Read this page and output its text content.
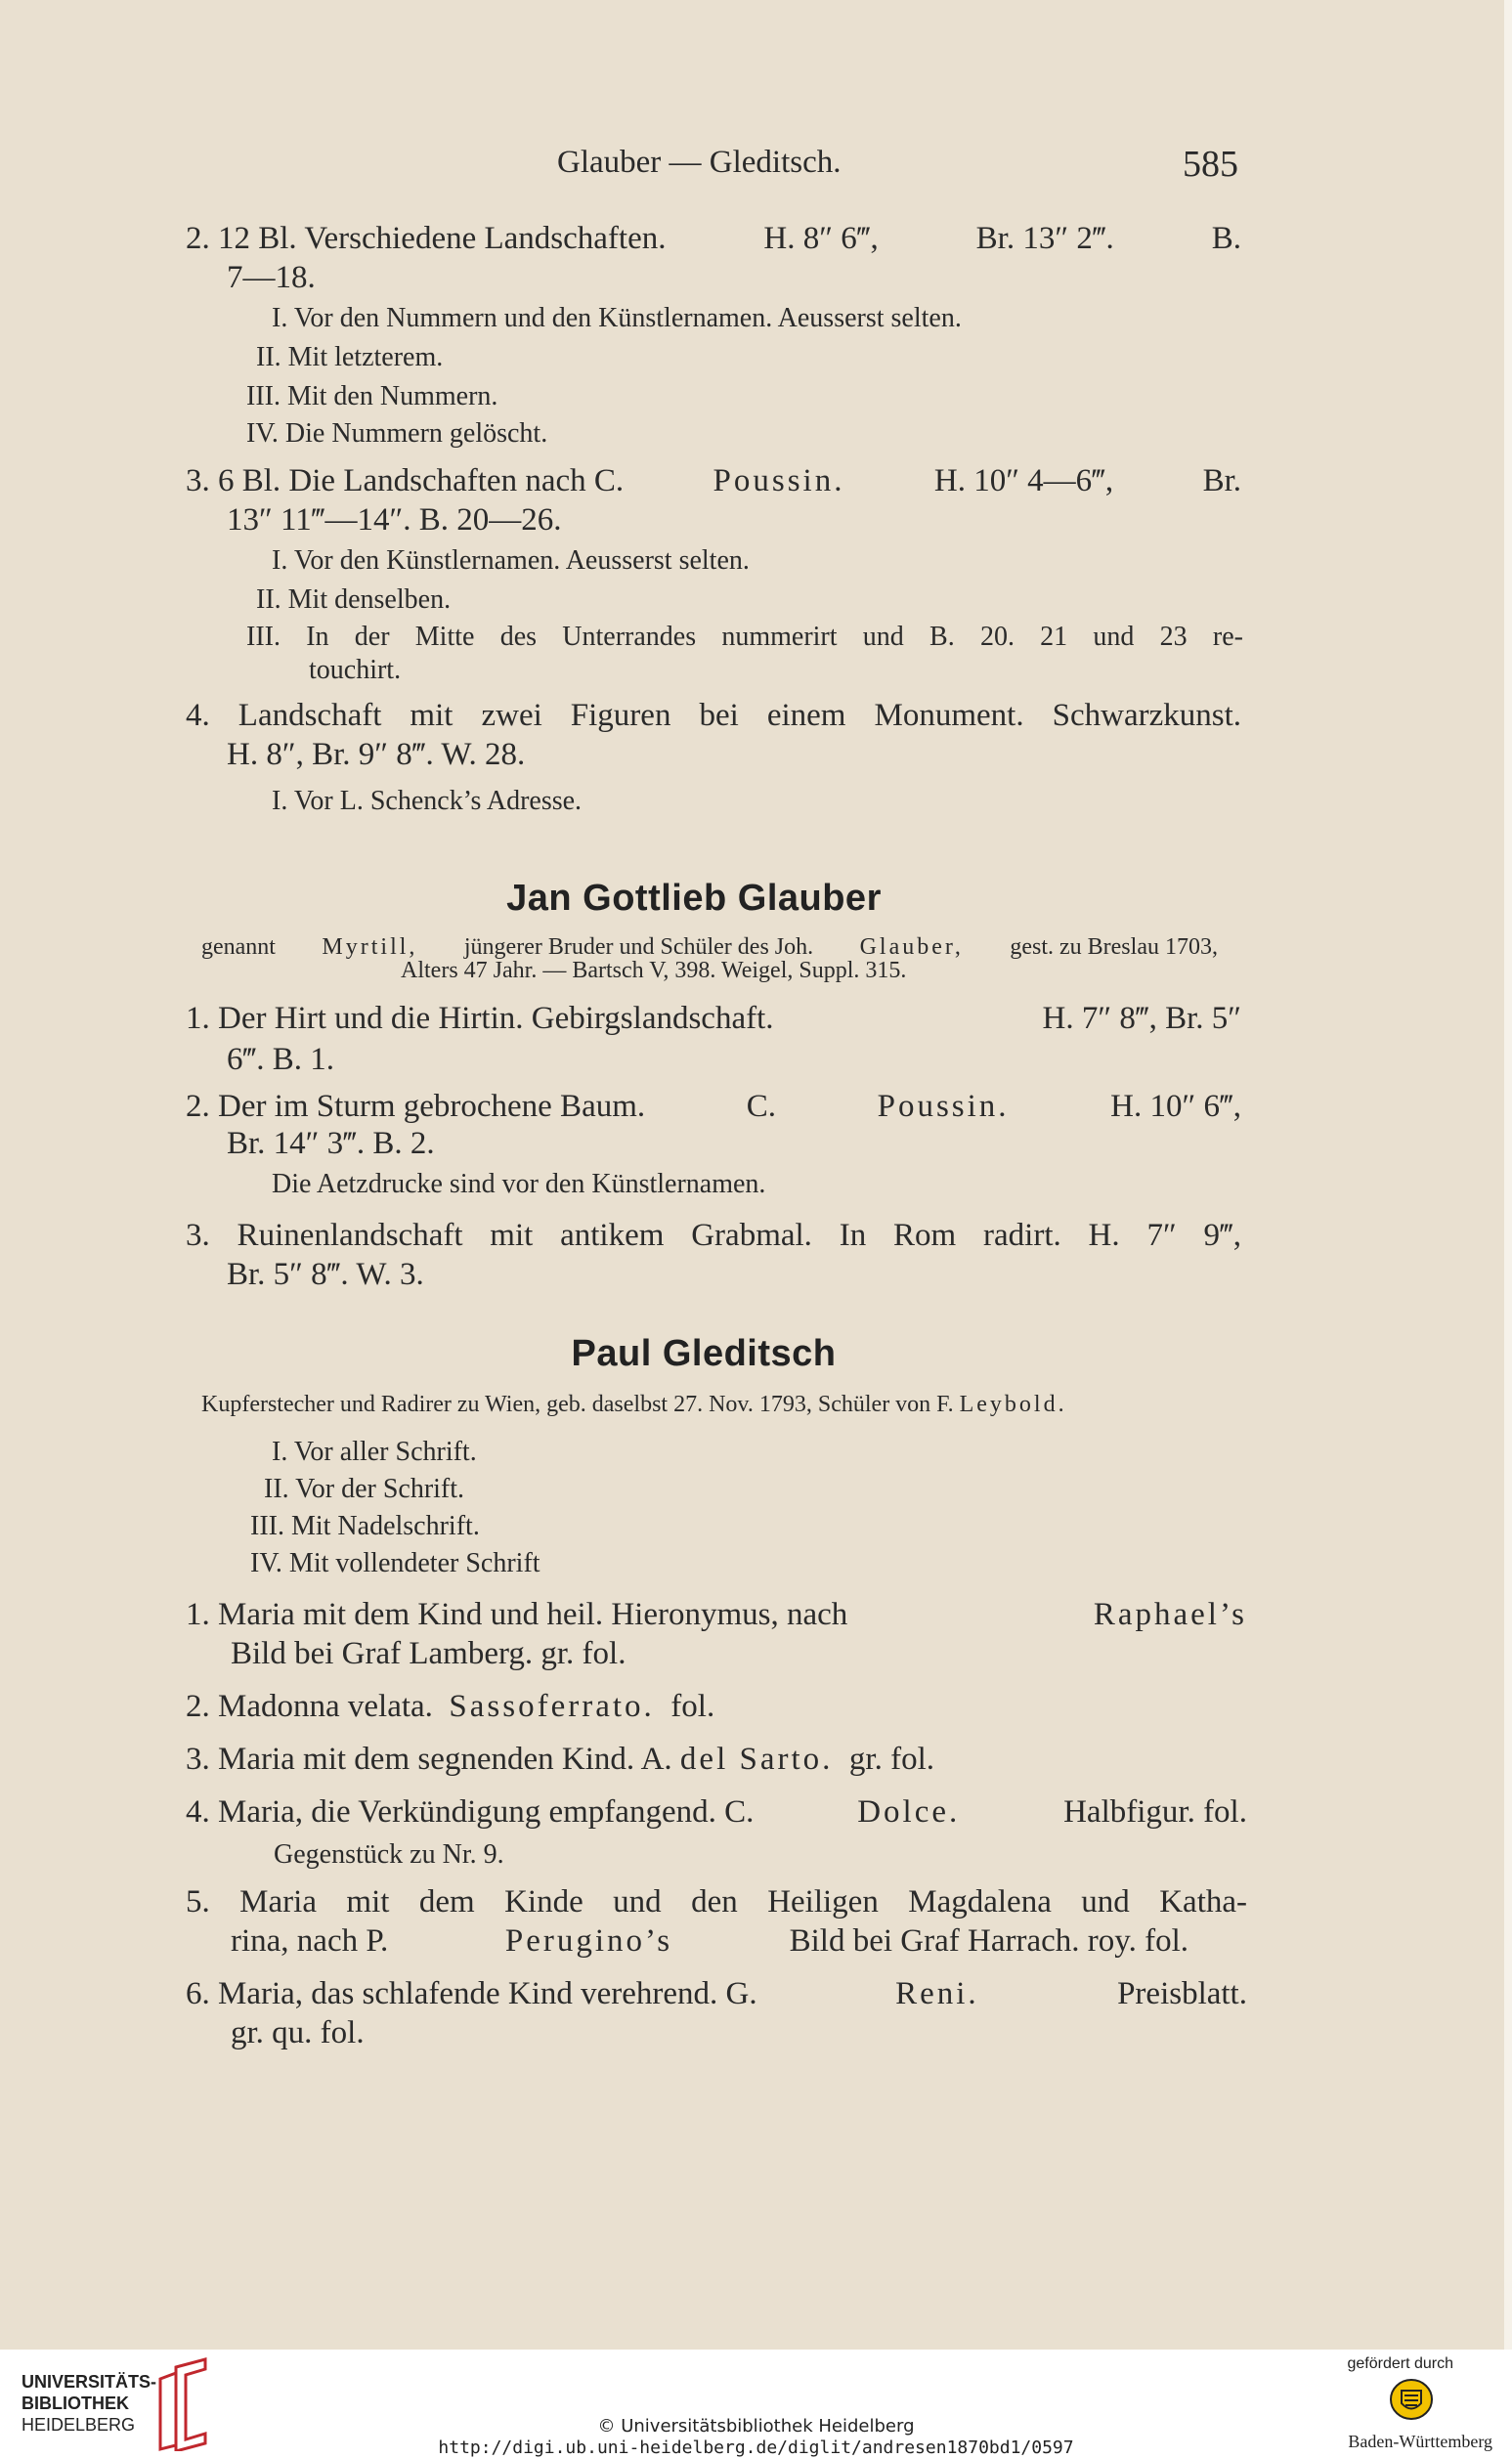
Glauber — Gleditsch.	585
2. 12 Bl. Verschiedene Landschaften.	H. 8″ 6‴,	Br. 13″ 2‴.	B.
7—18.
I. Vor den Nummern und den Künstlernamen. Aeusserst selten.
II. Mit letzterem.
III. Mit den Nummern.
IV. Die Nummern gelöscht.
3. 6 Bl. Die Landschaften nach C.	Poussin.	H. 10″ 4—6‴,	Br.
13″ 11‴—14″. B. 20—26.
I. Vor den Künstlernamen. Aeusserst selten.
II. Mit denselben.
III. In der Mitte des Unterrandes nummerirt und B. 20. 21 und 23 re-
touchirt.
4. Landschaft mit zwei Figuren bei einem Monument. Schwarzkunst.
H. 8″, Br. 9″ 8‴. W. 28.
I. Vor L. Schenck’s Adresse.
Jan Gottlieb Glauber
genannt Myrtill, jüngerer Bruder und Schüler des Joh. Glauber, gest. zu Breslau 1703,
Alters 47 Jahr. — Bartsch V, 398. Weigel, Suppl. 315.
1. Der Hirt und die Hirtin. Gebirgslandschaft.	H. 7″ 8‴, Br. 5″
6‴. B. 1.
2. Der im Sturm gebrochene Baum.	C.	Poussin.	H. 10″ 6‴,
Br. 14″ 3‴. B. 2.
Die Aetzdrucke sind vor den Künstlernamen.
3. Ruinenlandschaft mit antikem Grabmal. In Rom radirt. H. 7″ 9‴,
Br. 5″ 8‴. W. 3.
Paul Gleditsch
Kupferstecher und Radirer zu Wien, geb. daselbst 27. Nov. 1793, Schüler von F. Leybold.
I. Vor aller Schrift.
II. Vor der Schrift.
III. Mit Nadelschrift.
IV. Mit vollendeter Schrift
1. Maria mit dem Kind und heil. Hieronymus, nach	Raphael’s
Bild bei Graf Lamberg. gr. fol.
2. Madonna velata. Sassoferrato. fol.
3. Maria mit dem segnenden Kind. A. del Sarto. gr. fol.
4. Maria, die Verkündigung empfangend. C.	Dolce.	Halbfigur. fol.
Gegenstück zu Nr. 9.
5. Maria mit dem Kinde und den Heiligen Magdalena und Katha-
rina, nach P.	Perugino’s	Bild bei Graf Harrach. roy. fol.
6. Maria, das schlafende Kind verehrend. G.	Reni.	Preisblatt.
gr. qu. fol.
UNIVERSITÄTS-
BIBLIOTHEK
HEIDELBERG	© Universitätsbibliothek Heidelberg
http://digi.ub.uni-heidelberg.de/diglit/andresen1870bd1/0597
gefördert durch
Baden-Württemberg
